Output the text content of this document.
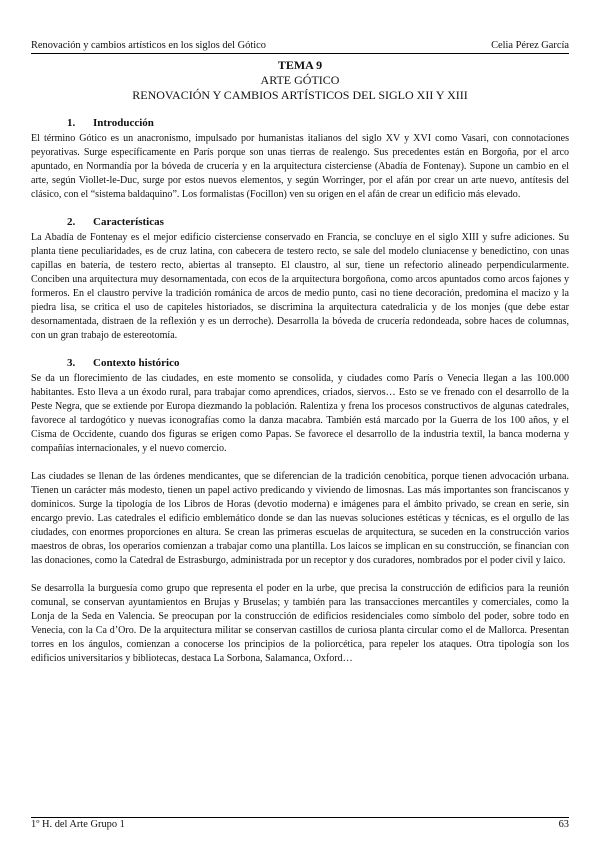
Renovación y cambios artísticos en los siglos del Gótico	Celia Pérez García
TEMA 9
ARTE GÓTICO
RENOVACIÓN Y CAMBIOS ARTÍSTICOS DEL SIGLO XII Y XIII
1. Introducción

El término Gótico es un anacronismo, impulsado por humanistas italianos del siglo XV y XVI como Vasari, con connotaciones peyorativas. Surge específicamente en París porque son unas tierras de realengo. Sus precedentes están en Borgoña, por el arco apuntado, en Normandía por la bóveda de crucería y en la arquitectura cisterciense (Abadía de Fontenay). Supone un cambio en el arte, según Viollet-le-Duc, surge por estos nuevos elementos, y según Worringer, por el afán por crear un arte nuevo, antítesis del clásico, con el “sistema baldaquino”. Los formalistas (Focillon) ven su origen en el afán de crear un edificio más elevado.

2. Características

La Abadía de Fontenay es el mejor edificio cisterciense conservado en Francia, se concluye en el siglo XIII y sufre adiciones. Su planta tiene peculiaridades, es de cruz latina, con cabecera de testero recto, se sale del modelo cluniacense y benedictino, con unas capillas en batería, de testero recto, abiertas al transepto. El claustro, al sur, tiene un refectorio alineado perpendicularmente. Conciben una arquitectura muy desornamentada, con ecos de la arquitectura borgoñona, como arcos apuntados como arcos fajones y formeros. En el claustro pervive la tradición románica de arcos de medio punto, casi no tiene decoración, predomina el macizo y la piedra lisa, se critica el uso de capiteles historiados, se discrimina la arquitectura catedralicia y de los monjes (que debe estar desornamentada, distraen de la reflexión y es un derroche). Desarrolla la bóveda de crucería redondeada, sobre haces de columnas, con un gran trabajo de estereotomía.

3. Contexto histórico

Se da un florecimiento de las ciudades, en este momento se consolida, y ciudades como París o Venecia llegan a las 100.000 habitantes. Esto lleva a un éxodo rural, para trabajar como aprendices, criados, siervos… Esto se ve frenado con el desarrollo de la Peste Negra, que se extiende por Europa diezmando la población. Ralentiza y frena los procesos constructivos de algunas catedrales, favorece al tardogótico y nuevas iconografías como la danza macabra. También está marcado por la Guerra de los 100 años, y el Cisma de Occidente, cuando dos figuras se erigen como Papas. Se favorece el desarrollo de la industria textil, la banca moderna y compañías internacionales, y el nuevo comercio.

Las ciudades se llenan de las órdenes mendicantes, que se diferencian de la tradición cenobítica, porque tienen advocación urbana. Tienen un carácter más modesto, tienen un papel activo predicando y viviendo de limosnas. Las más importantes son franciscanos y dominicos. Surge la tipología de los Libros de Horas (devotio moderna) e imágenes para el ámbito privado, se crean en serie, sin encargo previo. Las catedrales el edificio emblemático donde se dan las nuevas soluciones estéticas y técnicas, es el orgullo de las ciudades, con enormes proporciones en altura. Se crean las primeras escuelas de arquitectura, se suceden en la construcción varios maestros de obras, los operarios comienzan a trabajar como una plantilla. Los laicos se implican en su construcción, se financian con las donaciones, como la Catedral de Estrasburgo, administrada por un receptor y dos curadores, nombrados por el poder civil y laico.

Se desarrolla la burguesía como grupo que representa el poder en la urbe, que precisa la construcción de edificios para la reunión comunal, se conservan ayuntamientos en Brujas y Bruselas; y también para las transacciones mercantiles y comerciales, como la Lonja de la Seda en Valencia. Se preocupan por la construcción de edificios residenciales como símbolo del poder, sobre todo en Venecia, con la Ca d’Oro. De la arquitectura militar se conservan castillos de curiosa planta circular como el de Mallorca. Presentan torres en los ángulos, comienzan a conocerse los principios de la poliorcética, para repeler los ataques. Otra tipología son los edificios universitarios y bibliotecas, destaca La Sorbona, Salamanca, Oxford…

1º H. del Arte Grupo 1	63
